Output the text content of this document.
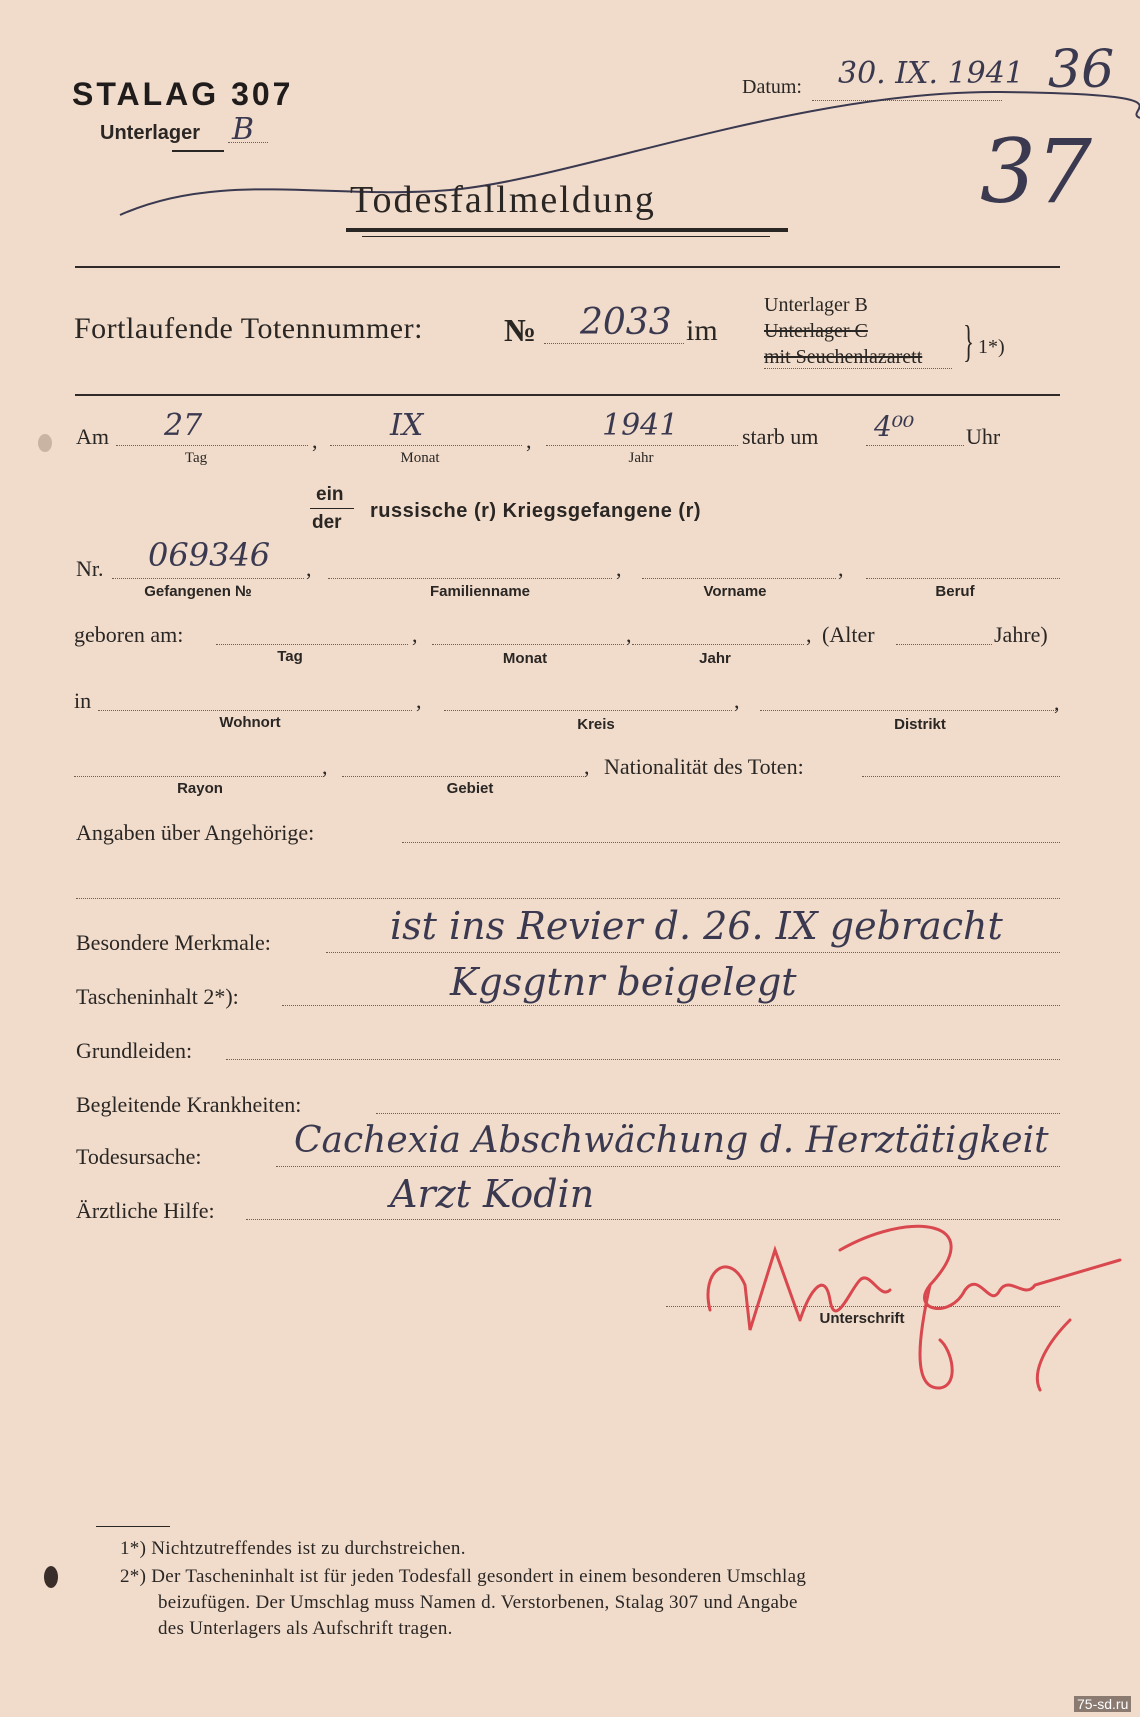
STALAG 307
Unterlager B
Datum: 30. IX. 1941 36
37
Todesfallmeldung
Fortlaufende Totennummer:	№ 2033 im
Unterlager B
Unterlager C
mit Seuchenlazarett } 1*)
Am 27	, IX	, 1941	starb um 4⁰⁰ Uhr
Tag	Monat	Jahr
ein
der
russische (r) Kriegsgefangene (r)
Nr. 069346 ,	,	,
Gefangenen №	Familienname	Vorname	Beruf
geboren am:	,	,	, (Alter	Jahre)
Tag	Monat	Jahr
in	,	,	,
Wohnort	Kreis	Distrikt
,	, Nationalität des Toten:
Rayon	Gebiet
Angaben über Angehörige:
Besondere Merkmale:	ist ins Revier d. 26. IX gebracht
Tascheninhalt 2*):	Kgsgtnr beigelegt
Grundleiden:
Begleitende Krankheiten:
Todesursache:	Cachexia Abschwächung d. Herztätigkeit
Ärztliche Hilfe:	Arzt Kodin
Unterschrift
1*) Nichtzutreffendes ist zu durchstreichen.
2*) Der Tascheninhalt ist für jeden Todesfall gesondert in einem besonderen Umschlag
beizufügen. Der Umschlag muss Namen d. Verstorbenen, Stalag 307 und Angabe
des Unterlagers als Aufschrift tragen.
75-sd.ru
